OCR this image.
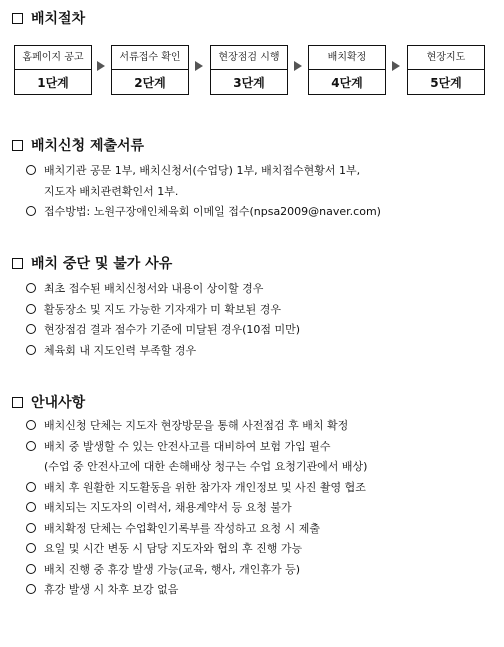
배치절차
홈페이지 공고
1단계
서류접수 확인
2단계
현장점검 시행
3단계
배치확정
4단계
현장지도
5단계
배치신청 제출서류
배치기관 공문 1부, 배치신청서(수업당) 1부, 배치접수현황서 1부,
지도자 배치관련확인서 1부.
접수방법: 노원구장애인체육회 이메일 접수(npsa2009@naver.com)
배치 중단 및 불가 사유
최초 접수된 배치신청서와 내용이 상이할 경우
활동장소 및 지도 가능한 기자재가 미 확보된 경우
현장점검 결과 점수가 기준에 미달된 경우(10점 미만)
체육회 내 지도인력 부족할 경우
안내사항
배치신청 단체는 지도자 현장방문을 통해 사전점검 후 배치 확정
배치 중 발생할 수 있는 안전사고를 대비하여 보험 가입 필수
(수업 중 안전사고에 대한 손해배상 청구는 수업 요청기관에서 배상)
배치 후 원활한 지도활동을 위한 참가자 개인정보 및 사진 촬영 협조
배치되는 지도자의 이력서, 채용계약서 등 요청 불가
배치확정 단체는 수업확인기록부를 작성하고 요청 시 제출
요일 및 시간 변동 시 담당 지도자와 협의 후 진행 가능
배치 진행 중 휴강 발생 가능(교육, 행사, 개인휴가 등)
휴강 발생 시 차후 보강 없음
